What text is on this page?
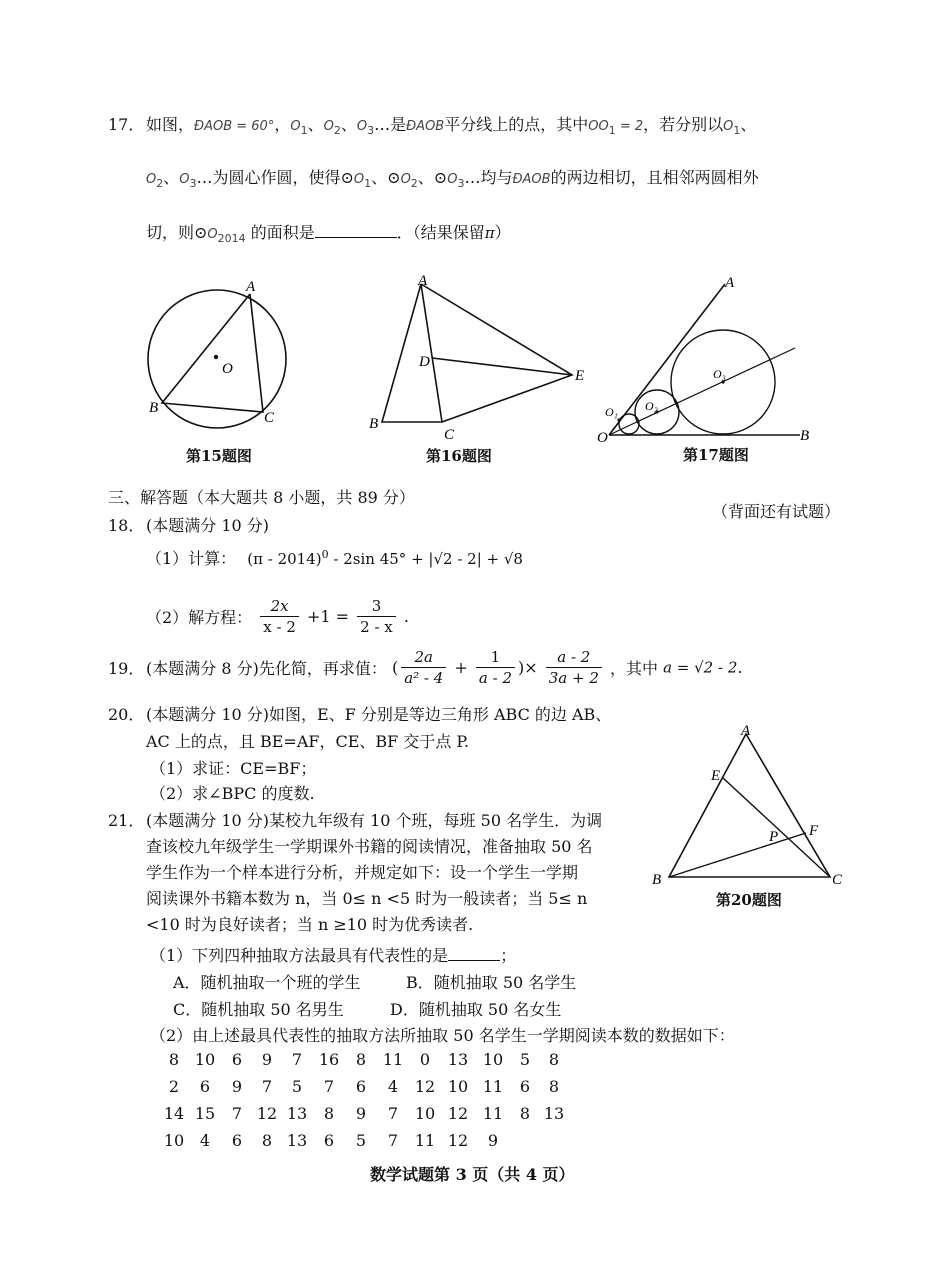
17． 如图，ÐAOB = 60°，$O_1$、$O_2$、$O_3\dots$是ÐAOB平分线上的点，其中$OO_1 = 2$，若分别以$O_1$、
$O_2$、$O_3\dots$为圆心作圆，使得$⊙O_1$、$⊙O_2$、$⊙O_3\dots$均与ÐAOB的两边相切，且相邻两圆相外
切，则$⊙O_{2014}$ 的面积是	．（结果保留π）
A
B
C
O
第15题图
A
B
C
D
E
第16题图
A
B
O
O₁ O₂
O₃
第17题图
三、解答题（本大题共 8 小题，共 89 分）
（背面还有试题）
18． (本题满分 10 分)
（1）计算： (π - 2014)$^0$ - 2sin 45° + |√2 - 2| + √8
（2）解方程： $\frac{2x}{x - 2} +1 = \frac{3}{2 - x}$ .
19． (本题满分 8 分)先化简，再求值： ( $\frac{2a}{\text{a² - 4}} + \frac{1}{a - 2}$ )× $\frac{a - 2}{3a + 2}$ ，其中 a = √2 - 2.
20． (本题满分 10 分)如图，E、F 分别是等边三角形 ABC 的边 AB、
AC 上的点，且 BE=AF，CE、BF 交于点 P.
（1）求证：CE=BF；
（2）求∠BPC 的度数.
A
B	C
E
F
P
第20题图
21． (本题满分 10 分)某校九年级有 10 个班，每班 50 名学生．为调
查该校九年级学生一学期课外书籍的阅读情况，准备抽取 50 名
学生作为一个样本进行分析，并规定如下：设一个学生一学期
阅读课外书籍本数为 n，当 0≤ n <5 时为一般读者；当 5≤ n
<10 时为良好读者；当 n ≥10 时为优秀读者.
（1）下列四种抽取方法最具有代表性的是	；
A．随机抽取一个班的学生	B．随机抽取 50 名学生
C．随机抽取 50 名男生	D．随机抽取 50 名女生
（2）由上述最具代表性的抽取方法所抽取 50 名学生一学期阅读本数的数据如下：
8 10 6 9 7 16 8 11 0 13 10 5 8
2 6 9 7 5 7 6 4 12 10 11 6 8
14 15 7 12 13 8 9 7 10 12 11 8 13
10 4 6 8 13 6 5 7 11 12 9
数学试题第 3 页（共 4 页）
